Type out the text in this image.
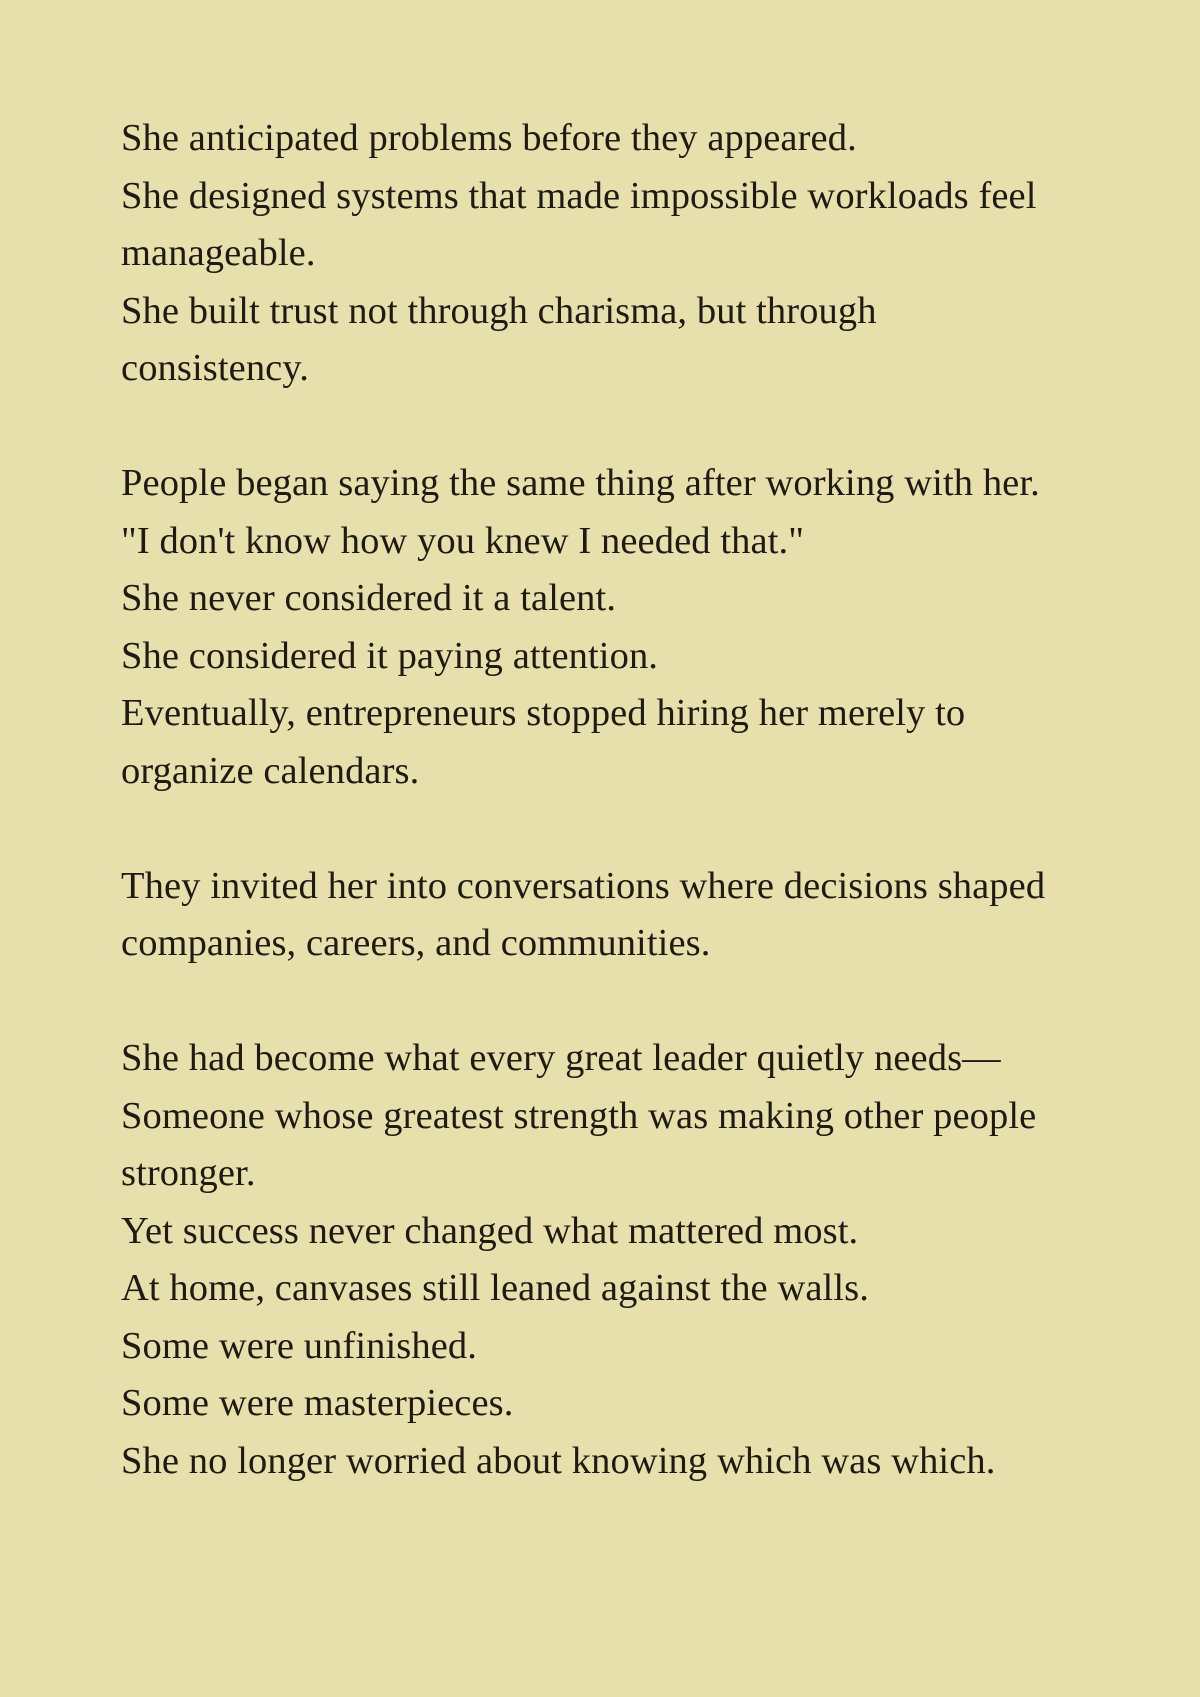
She anticipated problems before they appeared.
She designed systems that made impossible workloads feel
manageable.
She built trust not through charisma, but through
consistency.
People began saying the same thing after working with her.
"I don't know how you knew I needed that."
She never considered it a talent.
She considered it paying attention.
Eventually, entrepreneurs stopped hiring her merely to
organize calendars.
They invited her into conversations where decisions shaped
companies, careers, and communities.
She had become what every great leader quietly needs—
Someone whose greatest strength was making other people
stronger.
Yet success never changed what mattered most.
At home, canvases still leaned against the walls.
Some were unfinished.
Some were masterpieces.
She no longer worried about knowing which was which.
